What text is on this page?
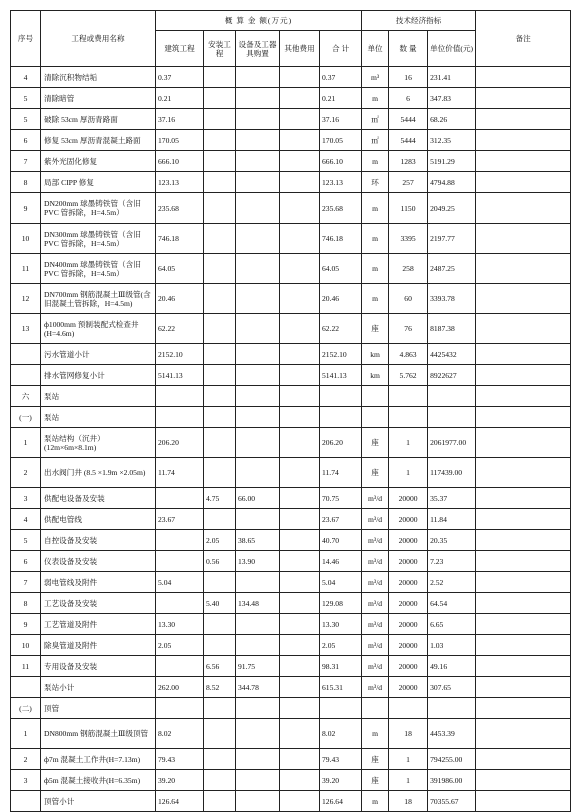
序号	工程或费用名称	概 算 金 额(万元)					技术经济指标			备注
		建筑工程	安装工程	设备及工器具购置	其他费用	合 计	单位	数 量	单位价值(元)	
4	清除沉积物结垢	0.37				0.37	m³	16	231.41	
5	清除暗管	0.21				0.21	m	6	347.83	
5	破除 53cm 厚沥青路面	37.16				37.16	㎡	5444	68.26	
6	修复 53cm 厚沥青混凝土路面	170.05				170.05	㎡	5444	312.35	
7	紫外光固化修复	666.10				666.10	m	1283	5191.29	
8	局部 CIPP 修复	123.13				123.13	环	257	4794.88	
9	DN200mm 球墨铸铁管（含旧PVC 管拆除，H=4.5m）	235.68				235.68	m	1150	2049.25	
10	DN300mm 球墨铸铁管（含旧PVC 管拆除，H=4.5m）	746.18				746.18	m	3395	2197.77	
11	DN400mm 球墨铸铁管（含旧PVC 管拆除，H=4.5m）	64.05				64.05	m	258	2487.25	
12	DN700mm 钢筋混凝土Ⅲ级管(含旧混凝土管拆除，H=4.5m)	20.46				20.46	m	60	3393.78	
13	ф1000mm 预制装配式检查井(H=4.6m)	62.22				62.22	座	76	8187.38	
	污水管道小计	2152.10				2152.10	km	4.863	4425432	
	排水管网修复小计	5141.13				5141.13	km	5.762	8922627	
六	泵站									
(一)	泵站									
1	泵站结构（沉井）(12m×6m×8.1m)	206.20				206.20	座	1	2061977.00	
2	出水阀门井 (8.5 ×1.9m ×2.05m)	11.74				11.74	座	1	117439.00	
3	供配电设备及安装		4.75	66.00		70.75	m³/d	20000	35.37	
4	供配电管线	23.67				23.67	m³/d	20000	11.84	
5	自控设备及安装		2.05	38.65		40.70	m³/d	20000	20.35	
6	仪表设备及安装		0.56	13.90		14.46	m³/d	20000	7.23	
7	弱电管线及附件	5.04				5.04	m³/d	20000	2.52	
8	工艺设备及安装		5.40	134.48		129.08	m³/d	20000	64.54	
9	工艺管道及附件	13.30				13.30	m³/d	20000	6.65	
10	除臭管道及附件	2.05				2.05	m³/d	20000	1.03	
11	专用设备及安装		6.56	91.75		98.31	m³/d	20000	49.16	
	泵站小计	262.00	8.52	344.78		615.31	m³/d	20000	307.65	
(二)	顶管									
1	DN800mm 钢筋混凝土Ⅲ级顶管	8.02				8.02	m	18	4453.39	
2	ф7m 混凝土工作井(H=7.13m)	79.43				79.43	座	1	794255.00	
3	ф5m 混凝土接收井(H=6.35m)	39.20				39.20	座	1	391986.00	
	顶管小计	126.64				126.64	m	18	70355.67	
